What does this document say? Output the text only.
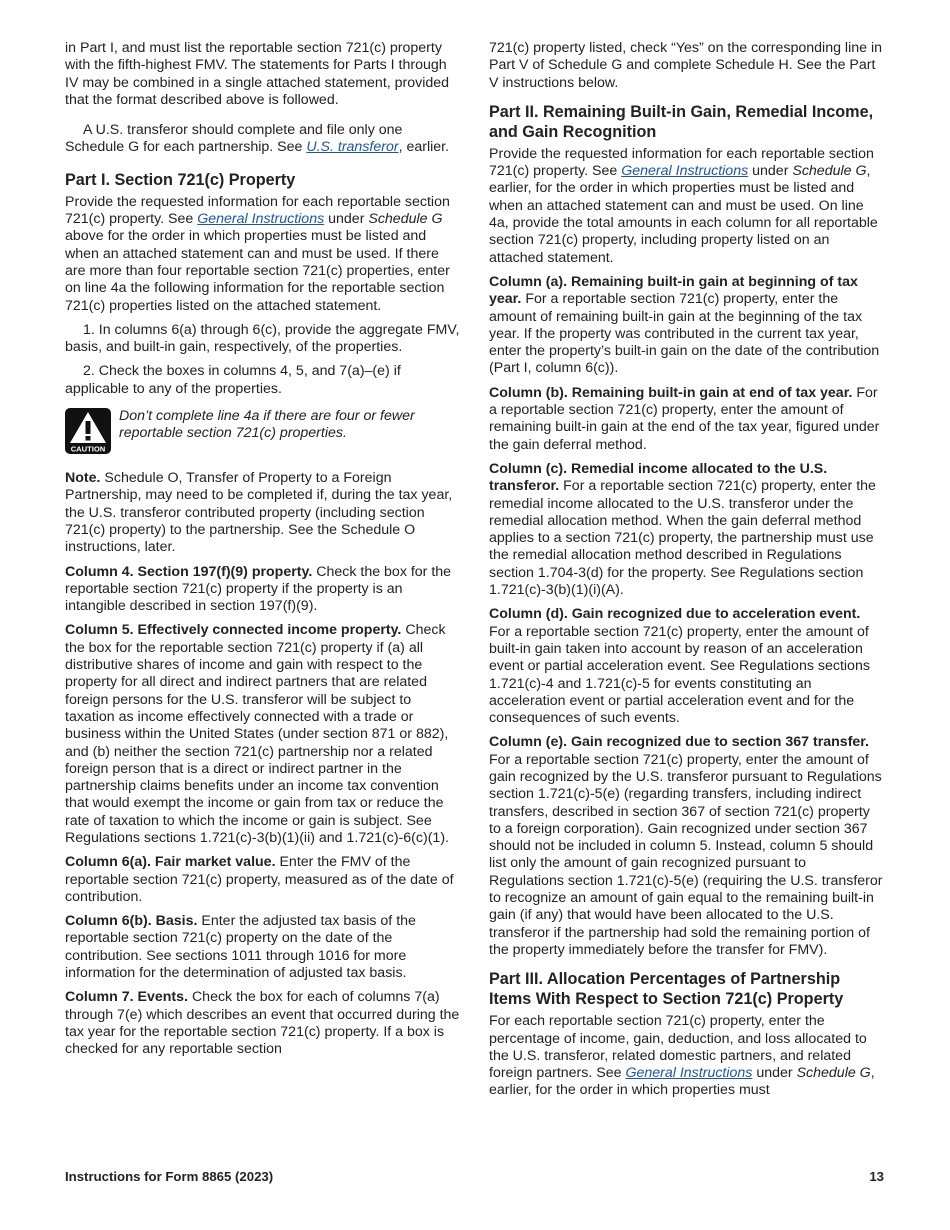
in Part I, and must list the reportable section 721(c) property with the fifth-highest FMV. The statements for Parts I through IV may be combined in a single attached statement, provided that the format described above is followed.

A U.S. transferor should complete and file only one Schedule G for each partnership. See U.S. transferor, earlier.

Part I. Section 721(c) Property

Provide the requested information for each reportable section 721(c) property. See General Instructions under Schedule G above for the order in which properties must be listed and when an attached statement can and must be used. If there are more than four reportable section 721(c) properties, enter on line 4a the following information for the reportable section 721(c) properties listed on the attached statement.

1. In columns 6(a) through 6(c), provide the aggregate FMV, basis, and built-in gain, respectively, of the properties.

2. Check the boxes in columns 4, 5, and 7(a)–(e) if applicable to any of the properties.

CAUTION

Don’t complete line 4a if there are four or fewer reportable section 721(c) properties.

Note. Schedule O, Transfer of Property to a Foreign Partnership, may need to be completed if, during the tax year, the U.S. transferor contributed property (including section 721(c) property) to the partnership. See the Schedule O instructions, later.

Column 4. Section 197(f)(9) property. Check the box for the reportable section 721(c) property if the property is an intangible described in section 197(f)(9).

Column 5. Effectively connected income property. Check the box for the reportable section 721(c) property if (a) all distributive shares of income and gain with respect to the property for all direct and indirect partners that are related foreign persons for the U.S. transferor will be subject to taxation as income effectively connected with a trade or business within the United States (under section 871 or 882), and (b) neither the section 721(c) partnership nor a related foreign person that is a direct or indirect partner in the partnership claims benefits under an income tax convention that would exempt the income or gain from tax or reduce the rate of taxation to which the income or gain is subject. See Regulations sections 1.721(c)-3(b)(1)(ii) and 1.721(c)-6(c)(1).

Column 6(a). Fair market value. Enter the FMV of the reportable section 721(c) property, measured as of the date of contribution.

Column 6(b). Basis. Enter the adjusted tax basis of the reportable section 721(c) property on the date of the contribution. See sections 1011 through 1016 for more information for the determination of adjusted tax basis.

Column 7. Events. Check the box for each of columns 7(a) through 7(e) which describes an event that occurred during the tax year for the reportable section 721(c) property. If a box is checked for any reportable section

721(c) property listed, check “Yes” on the corresponding line in Part V of Schedule G and complete Schedule H. See the Part V instructions below.

Part II. Remaining Built-in Gain, Remedial Income, and Gain Recognition

Provide the requested information for each reportable section 721(c) property. See General Instructions under Schedule G, earlier, for the order in which properties must be listed and when an attached statement can and must be used. On line 4a, provide the total amounts in each column for all reportable section 721(c) property, including property listed on an attached statement.

Column (a). Remaining built-in gain at beginning of tax year. For a reportable section 721(c) property, enter the amount of remaining built-in gain at the beginning of the tax year. If the property was contributed in the current tax year, enter the property’s built-in gain on the date of the contribution (Part I, column 6(c)).

Column (b). Remaining built-in gain at end of tax year. For a reportable section 721(c) property, enter the amount of remaining built-in gain at the end of the tax year, figured under the gain deferral method.

Column (c). Remedial income allocated to the U.S. transferor. For a reportable section 721(c) property, enter the remedial income allocated to the U.S. transferor under the remedial allocation method. When the gain deferral method applies to a section 721(c) property, the partnership must use the remedial allocation method described in Regulations section 1.704-3(d) for the property. See Regulations section 1.721(c)-3(b)(1)(i)(A).

Column (d). Gain recognized due to acceleration event. For a reportable section 721(c) property, enter the amount of built-in gain taken into account by reason of an acceleration event or partial acceleration event. See Regulations sections 1.721(c)-4 and 1.721(c)-5 for events constituting an acceleration event or partial acceleration event and for the consequences of such events.

Column (e). Gain recognized due to section 367 transfer. For a reportable section 721(c) property, enter the amount of gain recognized by the U.S. transferor pursuant to Regulations section 1.721(c)-5(e) (regarding transfers, including indirect transfers, described in section 367 of section 721(c) property to a foreign corporation). Gain recognized under section 367 should not be included in column 5. Instead, column 5 should list only the amount of gain recognized pursuant to Regulations section 1.721(c)-5(e) (requiring the U.S. transferor to recognize an amount of gain equal to the remaining built-in gain (if any) that would have been allocated to the U.S. transferor if the partnership had sold the remaining portion of the property immediately before the transfer for FMV).

Part III. Allocation Percentages of Partnership Items With Respect to Section 721(c) Property

For each reportable section 721(c) property, enter the percentage of income, gain, deduction, and loss allocated to the U.S. transferor, related domestic partners, and related foreign partners. See General Instructions under Schedule G, earlier, for the order in which properties must

Instructions for Form 8865 (2023)	13
